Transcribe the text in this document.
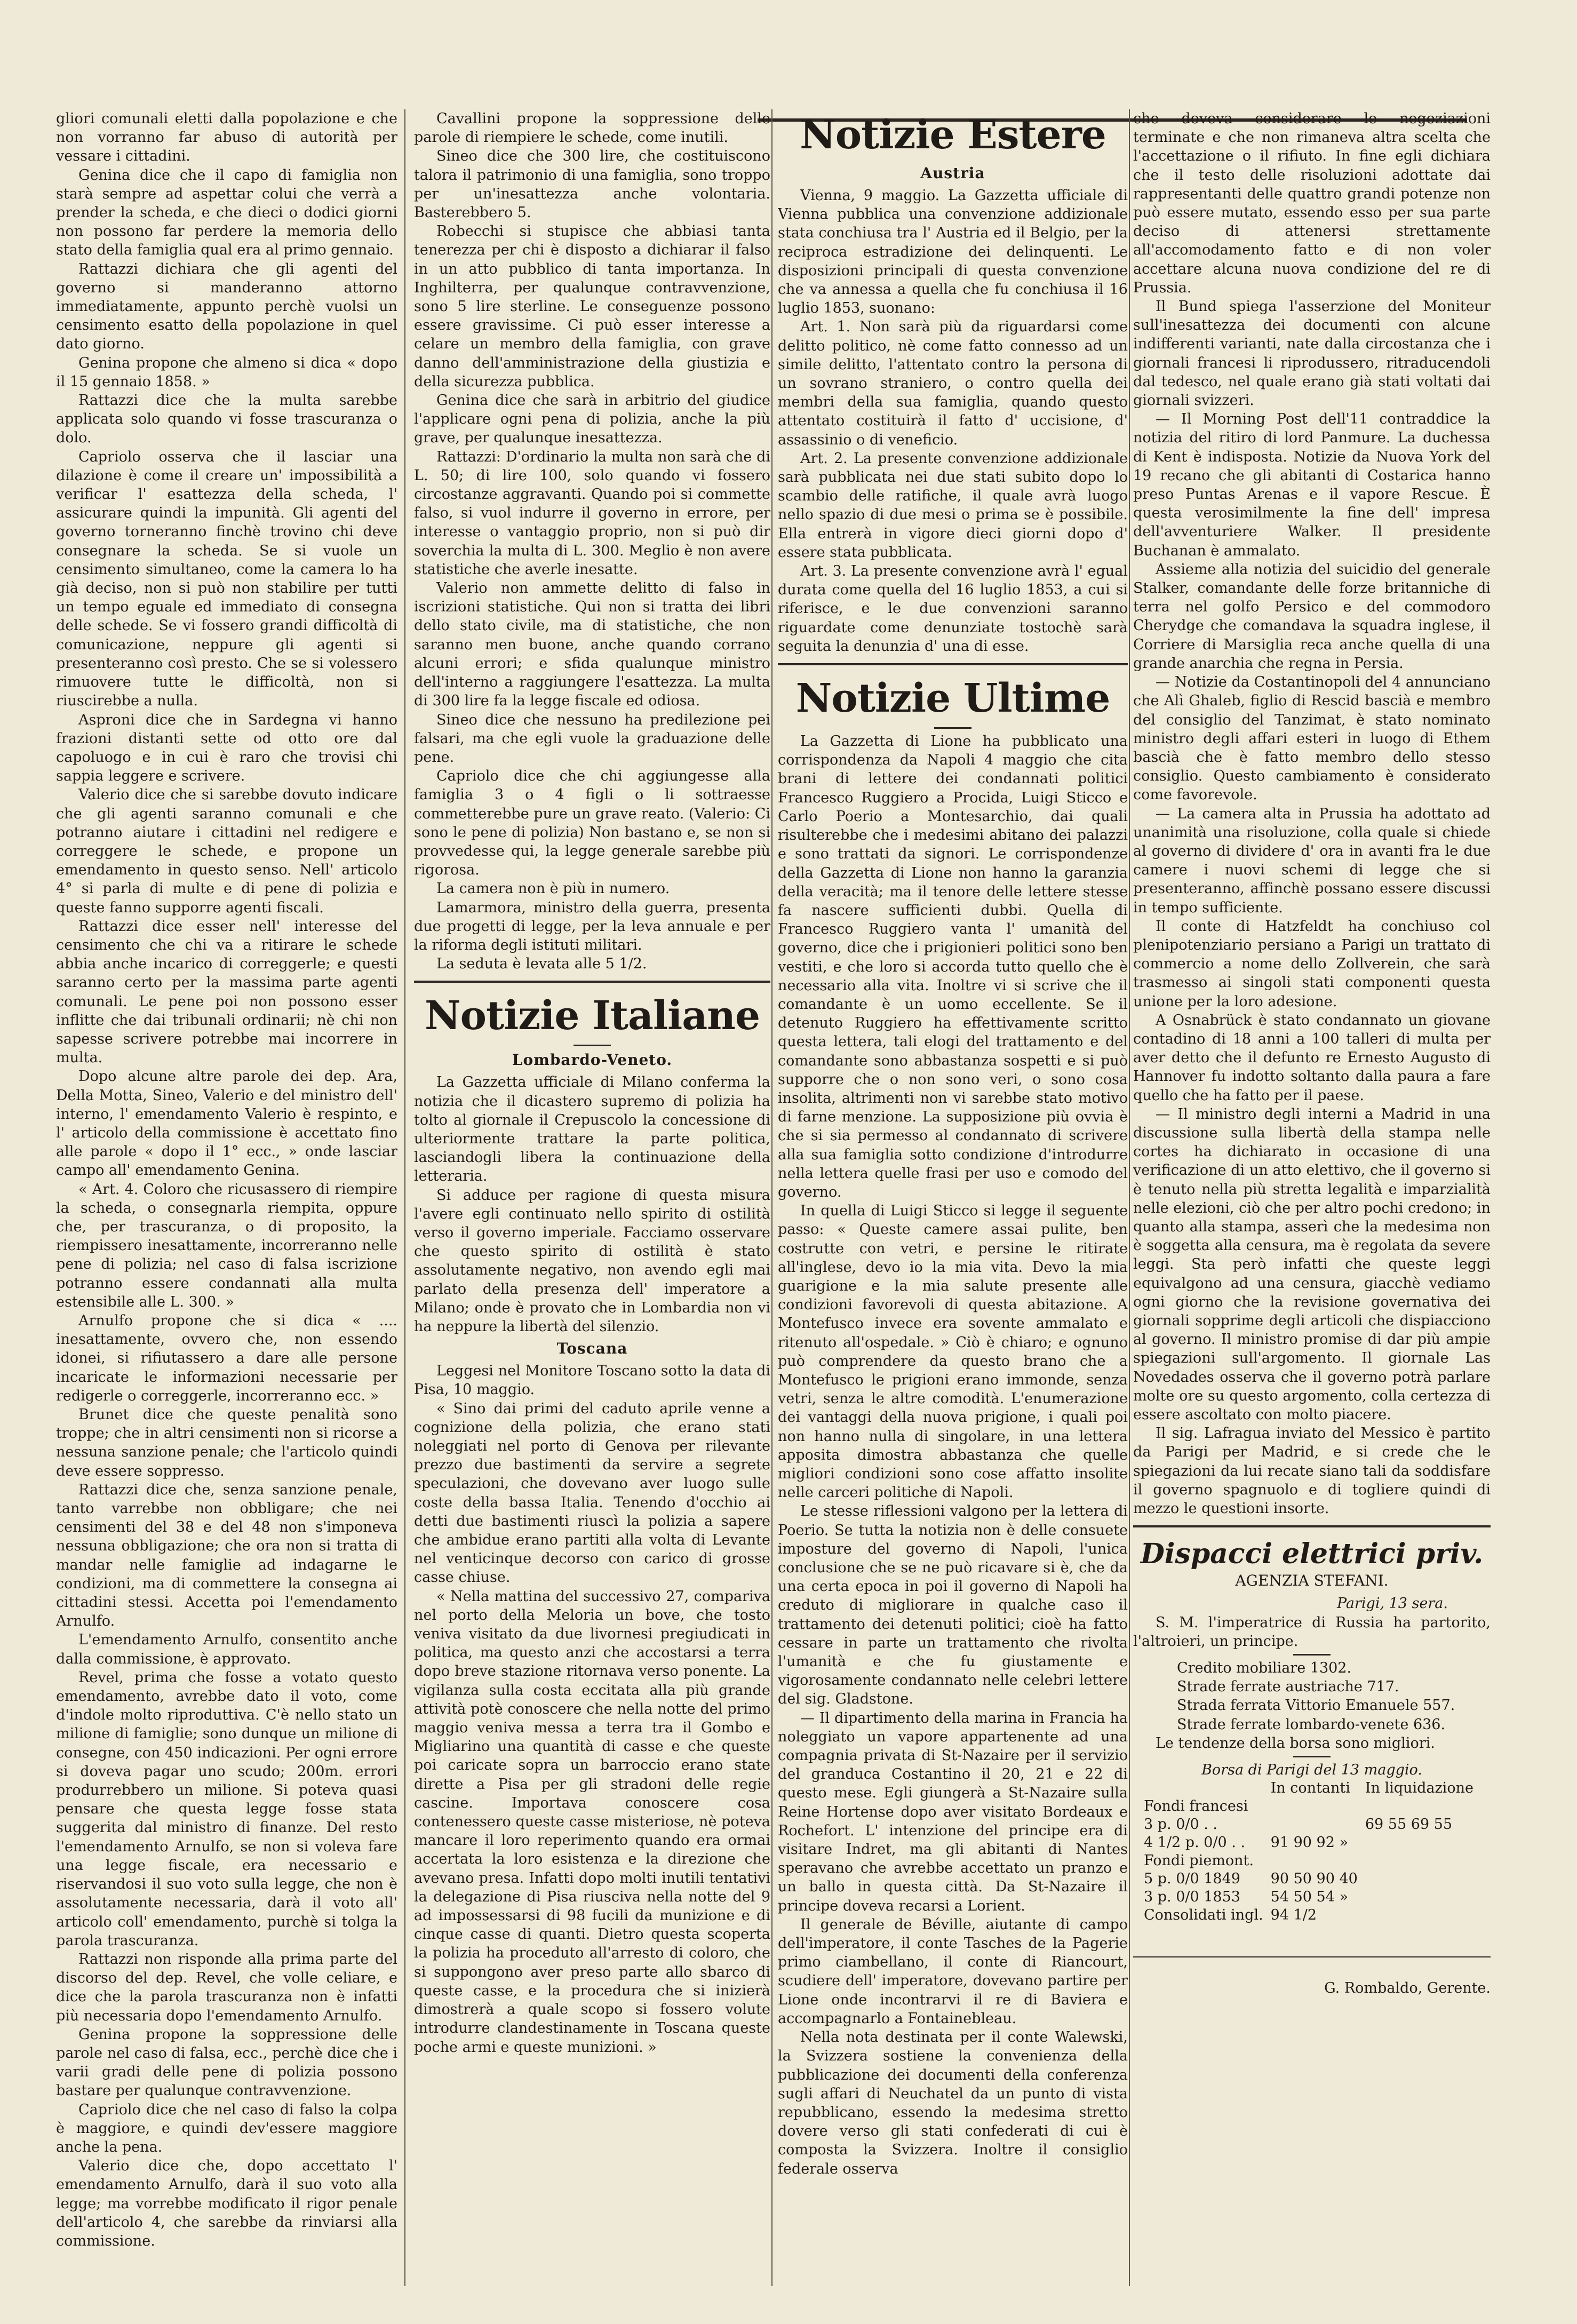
gliori comunali eletti dalla popolazione e che non vorranno far abuso di autorità per vessare i cittadini.

Genina dice che il capo di famiglia non starà sempre ad aspettar colui che verrà a prender la scheda, e che dieci o dodici giorni non possono far perdere la memoria dello stato della famiglia qual era al primo gennaio.

Rattazzi dichiara che gli agenti del governo si manderanno attorno immediatamente, appunto perchè vuolsi un censimento esatto della popolazione in quel dato giorno.

Genina propone che almeno si dica « dopo il 15 gennaio 1858. »

Rattazzi dice che la multa sarebbe applicata solo quando vi fosse trascuranza o dolo.

Capriolo osserva che il lasciar una dilazione è come il creare un' impossibilità a verificar l' esattezza della scheda, l' assicurare quindi la impunità. Gli agenti del governo torneranno finchè trovino chi deve consegnare la scheda. Se si vuole un censimento simultaneo, come la camera lo ha già deciso, non si può non stabilire per tutti un tempo eguale ed immediato di consegna delle schede. Se vi fossero grandi difficoltà di comunicazione, neppure gli agenti si presenteranno così presto. Che se si volessero rimuovere tutte le difficoltà, non si riuscirebbe a nulla.

Asproni dice che in Sardegna vi hanno frazioni distanti sette od otto ore dal capoluogo e in cui è raro che trovisi chi sappia leggere e scrivere.

Valerio dice che si sarebbe dovuto indicare che gli agenti saranno comunali e che potranno aiutare i cittadini nel redigere e correggere le schede, e propone un emendamento in questo senso. Nell' articolo 4° si parla di multe e di pene di polizia e queste fanno supporre agenti fiscali.

Rattazzi dice esser nell' interesse del censimento che chi va a ritirare le schede abbia anche incarico di correggerle; e questi saranno certo per la massima parte agenti comunali. Le pene poi non possono esser inflitte che dai tribunali ordinarii; nè chi non sapesse scrivere potrebbe mai incorrere in multa.

Dopo alcune altre parole dei dep. Ara, Della Motta, Sineo, Valerio e del ministro dell' interno, l' emendamento Valerio è respinto, e l' articolo della commissione è accettato fino alle parole « dopo il 1° ecc., » onde lasciar campo all' emendamento Genina.

« Art. 4. Coloro che ricusassero di riempire la scheda, o consegnarla riempita, oppure che, per trascuranza, o di proposito, la riempissero inesattamente, incorreranno nelle pene di polizia; nel caso di falsa iscrizione potranno essere condannati alla multa estensibile alle L. 300. »

Arnulfo propone che si dica « .... inesattamente, ovvero che, non essendo idonei, si rifiutassero a dare alle persone incaricate le informazioni necessarie per redigerle o correggerle, incorreranno ecc. »

Brunet dice che queste penalità sono troppe; che in altri censimenti non si ricorse a nessuna sanzione penale; che l'articolo quindi deve essere soppresso.

Rattazzi dice che, senza sanzione penale, tanto varrebbe non obbligare; che nei censimenti del 38 e del 48 non s'imponeva nessuna obbligazione; che ora non si tratta di mandar nelle famiglie ad indagarne le condizioni, ma di commettere la consegna ai cittadini stessi. Accetta poi l'emendamento Arnulfo.

L'emendamento Arnulfo, consentito anche dalla commissione, è approvato.

Revel, prima che fosse a votato questo emendamento, avrebbe dato il voto, come d'indole molto riproduttiva. C'è nello stato un milione di famiglie; sono dunque un milione di consegne, con 450 indicazioni. Per ogni errore si doveva pagar uno scudo; 200m. errori produrrebbero un milione. Si poteva quasi pensare che questa legge fosse stata suggerita dal ministro di finanze. Del resto l'emendamento Arnulfo, se non si voleva fare una legge fiscale, era necessario e riservandosi il suo voto sulla legge, che non è assolutamente necessaria, darà il voto all' articolo coll' emendamento, purchè si tolga la parola trascuranza.

Rattazzi non risponde alla prima parte del discorso del dep. Revel, che volle celiare, e dice che la parola trascuranza non è infatti più necessaria dopo l'emendamento Arnulfo.

Genina propone la soppressione delle parole nel caso di falsa, ecc., perchè dice che i varii gradi delle pene di polizia possono bastare per qualunque contravvenzione.

Capriolo dice che nel caso di falso la colpa è maggiore, e quindi dev'essere maggiore anche la pena.

Valerio dice che, dopo accettato l' emendamento Arnulfo, darà il suo voto alla legge; ma vorrebbe modificato il rigor penale dell'articolo 4, che sarebbe da rinviarsi alla commissione.

Cavallini propone la soppressione delle parole di riempiere le schede, come inutili.

Sineo dice che 300 lire, che costituiscono talora il patrimonio di una famiglia, sono troppo per un'inesattezza anche volontaria. Basterebbero 5.

Robecchi si stupisce che abbiasi tanta tenerezza per chi è disposto a dichiarar il falso in un atto pubblico di tanta importanza. In Inghilterra, per qualunque contravvenzione, sono 5 lire sterline. Le conseguenze possono essere gravissime. Ci può esser interesse a celare un membro della famiglia, con grave danno dell'amministrazione della giustizia e della sicurezza pubblica.

Genina dice che sarà in arbitrio del giudice l'applicare ogni pena di polizia, anche la più grave, per qualunque inesattezza.

Rattazzi: D'ordinario la multa non sarà che di L. 50; di lire 100, solo quando vi fossero circostanze aggravanti. Quando poi si commette falso, si vuol indurre il governo in errore, per interesse o vantaggio proprio, non si può dir soverchia la multa di L. 300. Meglio è non avere statistiche che averle inesatte.

Valerio non ammette delitto di falso in iscrizioni statistiche. Qui non si tratta dei libri dello stato civile, ma di statistiche, che non saranno men buone, anche quando corrano alcuni errori; e sfida qualunque ministro dell'interno a raggiungere l'esattezza. La multa di 300 lire fa la legge fiscale ed odiosa.

Sineo dice che nessuno ha predilezione pei falsari, ma che egli vuole la graduazione delle pene.

Capriolo dice che chi aggiungesse alla famiglia 3 o 4 figli o li sottraesse commetterebbe pure un grave reato. (Valerio: Ci sono le pene di polizia) Non bastano e, se non si provvedesse qui, la legge generale sarebbe più rigorosa.

La camera non è più in numero.

Lamarmora, ministro della guerra, presenta due progetti di legge, per la leva annuale e per la riforma degli istituti militari.

La seduta è levata alle 5 1/2.

Notizie Italiane
Lombardo-Veneto.

La Gazzetta ufficiale di Milano conferma la notizia che il dicastero supremo di polizia ha tolto al giornale il Crepuscolo la concessione di ulteriormente trattare la parte politica, lasciandogli libera la continuazione della letteraria.

Si adduce per ragione di questa misura l'avere egli continuato nello spirito di ostilità verso il governo imperiale. Facciamo osservare che questo spirito di ostilità è stato assolutamente negativo, non avendo egli mai parlato della presenza dell' imperatore a Milano; onde è provato che in Lombardia non vi ha neppure la libertà del silenzio.

Toscana

Leggesi nel Monitore Toscano sotto la data di Pisa, 10 maggio.

« Sino dai primi del caduto aprile venne a cognizione della polizia, che erano stati noleggiati nel porto di Genova per rilevante prezzo due bastimenti da servire a segrete speculazioni, che dovevano aver luogo sulle coste della bassa Italia. Tenendo d'occhio ai detti due bastimenti riuscì la polizia a sapere che ambidue erano partiti alla volta di Levante nel venticinque decorso con carico di grosse casse chiuse.

« Nella mattina del successivo 27, compariva nel porto della Meloria un bove, che tosto veniva visitato da due livornesi pregiudicati in politica, ma questo anzi che accostarsi a terra dopo breve stazione ritornava verso ponente. La vigilanza sulla costa eccitata alla più grande attività potè conoscere che nella notte del primo maggio veniva messa a terra tra il Gombo e Migliarino una quantità di casse e che queste poi caricate sopra un barroccio erano state dirette a Pisa per gli stradoni delle regie cascine. Importava conoscere cosa contenessero queste casse misteriose, nè poteva mancare il loro reperimento quando era ormai accertata la loro esistenza e la direzione che avevano presa. Infatti dopo molti inutili tentativi la delegazione di Pisa riusciva nella notte del 9 ad impossessarsi di 98 fucili da munizione e di cinque casse di quanti. Dietro questa scoperta la polizia ha proceduto all'arresto di coloro, che si suppongono aver preso parte allo sbarco di queste casse, e la procedura che si inizierà dimostrerà a quale scopo si fossero volute introdurre clandestinamente in Toscana queste poche armi e queste munizioni. »

Notizie Estere
Austria

Vienna, 9 maggio. La Gazzetta ufficiale di Vienna pubblica una convenzione addizionale stata conchiusa tra l' Austria ed il Belgio, per la reciproca estradizione dei delinquenti. Le disposizioni principali di questa convenzione che va annessa a quella che fu conchiusa il 16 luglio 1853, suonano:

Art. 1. Non sarà più da riguardarsi come delitto politico, nè come fatto connesso ad un simile delitto, l'attentato contro la persona di un sovrano straniero, o contro quella dei membri della sua famiglia, quando questo attentato costituirà il fatto d' uccisione, d' assassinio o di veneficio.

Art. 2. La presente convenzione addizionale sarà pubblicata nei due stati subito dopo lo scambio delle ratifiche, il quale avrà luogo nello spazio di due mesi o prima se è possibile. Ella entrerà in vigore dieci giorni dopo d' essere stata pubblicata.

Art. 3. La presente convenzione avrà l' egual durata come quella del 16 luglio 1853, a cui si riferisce, e le due convenzioni saranno riguardate come denunziate tostochè sarà seguita la denunzia d' una di esse.

Notizie Ultime

La Gazzetta di Lione ha pubblicato una corrispondenza da Napoli 4 maggio che cita brani di lettere dei condannati politici Francesco Ruggiero a Procida, Luigi Sticco e Carlo Poerio a Montesarchio, dai quali risulterebbe che i medesimi abitano dei palazzi e sono trattati da signori. Le corrispondenze della Gazzetta di Lione non hanno la garanzia della veracità; ma il tenore delle lettere stesse fa nascere sufficienti dubbi. Quella di Francesco Ruggiero vanta l' umanità del governo, dice che i prigionieri politici sono ben vestiti, e che loro si accorda tutto quello che è necessario alla vita. Inoltre vi si scrive che il comandante è un uomo eccellente. Se il detenuto Ruggiero ha effettivamente scritto questa lettera, tali elogi del trattamento e del comandante sono abbastanza sospetti e si può supporre che o non sono veri, o sono cosa insolita, altrimenti non vi sarebbe stato motivo di farne menzione. La supposizione più ovvia è che si sia permesso al condannato di scrivere alla sua famiglia sotto condizione d'introdurre nella lettera quelle frasi per uso e comodo del governo.

In quella di Luigi Sticco si legge il seguente passo: « Queste camere assai pulite, ben costrutte con vetri, e persine le ritirate all'inglese, devo io la mia vita. Devo la mia guarigione e la mia salute presente alle condizioni favorevoli di questa abitazione. A Montefusco invece era sovente ammalato e ritenuto all'ospedale. » Ciò è chiaro; e ognuno può comprendere da questo brano che a Montefusco le prigioni erano immonde, senza vetri, senza le altre comodità. L'enumerazione dei vantaggi della nuova prigione, i quali poi non hanno nulla di singolare, in una lettera apposita dimostra abbastanza che quelle migliori condizioni sono cose affatto insolite nelle carceri politiche di Napoli.

Le stesse riflessioni valgono per la lettera di Poerio. Se tutta la notizia non è delle consuete imposture del governo di Napoli, l'unica conclusione che se ne può ricavare si è, che da una certa epoca in poi il governo di Napoli ha creduto di migliorare in qualche caso il trattamento dei detenuti politici; cioè ha fatto cessare in parte un trattamento che rivolta l'umanità e che fu giustamente e vigorosamente condannato nelle celebri lettere del sig. Gladstone.

— Il dipartimento della marina in Francia ha noleggiato un vapore appartenente ad una compagnia privata di St-Nazaire per il servizio del granduca Costantino il 20, 21 e 22 di questo mese. Egli giungerà a St-Nazaire sulla Reine Hortense dopo aver visitato Bordeaux e Rochefort. L' intenzione del principe era di visitare Indret, ma gli abitanti di Nantes speravano che avrebbe accettato un pranzo e un ballo in questa città. Da St-Nazaire il principe doveva recarsi a Lorient.

Il generale de Béville, aiutante di campo dell'imperatore, il conte Tasches de la Pagerie primo ciambellano, il conte di Riancourt, scudiere dell' imperatore, dovevano partire per Lione onde incontrarvi il re di Baviera e accompagnarlo a Fontainebleau.

Nella nota destinata per il conte Walewski, la Svizzera sostiene la convenienza della pubblicazione dei documenti della conferenza sugli affari di Neuchatel da un punto di vista repubblicano, essendo la medesima stretto dovere verso gli stati confederati di cui è composta la Svizzera. Inoltre il consiglio federale osserva

che doveva considerare le negoziazioni terminate e che non rimaneva altra scelta che l'accettazione o il rifiuto. In fine egli dichiara che il testo delle risoluzioni adottate dai rappresentanti delle quattro grandi potenze non può essere mutato, essendo esso per sua parte deciso di attenersi strettamente all'accomodamento fatto e di non voler accettare alcuna nuova condizione del re di Prussia.

Il Bund spiega l'asserzione del Moniteur sull'inesattezza dei documenti con alcune indifferenti varianti, nate dalla circostanza che i giornali francesi li riprodussero, ritraducendoli dal tedesco, nel quale erano già stati voltati dai giornali svizzeri.

— Il Morning Post dell'11 contraddice la notizia del ritiro di lord Panmure. La duchessa di Kent è indisposta. Notizie da Nuova York del 19 recano che gli abitanti di Costarica hanno preso Puntas Arenas e il vapore Rescue. È questa verosimilmente la fine dell' impresa dell'avventuriere Walker. Il presidente Buchanan è ammalato.

Assieme alla notizia del suicidio del generale Stalker, comandante delle forze britanniche di terra nel golfo Persico e del commodoro Cherydge che comandava la squadra inglese, il Corriere di Marsiglia reca anche quella di una grande anarchia che regna in Persia.

— Notizie da Costantinopoli del 4 annunciano che Alì Ghaleb, figlio di Rescid bascià e membro del consiglio del Tanzimat, è stato nominato ministro degli affari esteri in luogo di Ethem bascià che è fatto membro dello stesso consiglio. Questo cambiamento è considerato come favorevole.

— La camera alta in Prussia ha adottato ad unanimità una risoluzione, colla quale si chiede al governo di dividere d' ora in avanti fra le due camere i nuovi schemi di legge che si presenteranno, affinchè possano essere discussi in tempo sufficiente.

Il conte di Hatzfeldt ha conchiuso col plenipotenziario persiano a Parigi un trattato di commercio a nome dello Zollverein, che sarà trasmesso ai singoli stati componenti questa unione per la loro adesione.

A Osnabrück è stato condannato un giovane contadino di 18 anni a 100 talleri di multa per aver detto che il defunto re Ernesto Augusto di Hannover fu indotto soltanto dalla paura a fare quello che ha fatto per il paese.

— Il ministro degli interni a Madrid in una discussione sulla libertà della stampa nelle cortes ha dichiarato in occasione di una verificazione di un atto elettivo, che il governo si è tenuto nella più stretta legalità e imparzialità nelle elezioni, ciò che per altro pochi credono; in quanto alla stampa, asserì che la medesima non è soggetta alla censura, ma è regolata da severe leggi. Sta però infatti che queste leggi equivalgono ad una censura, giacchè vediamo ogni giorno che la revisione governativa dei giornali sopprime degli articoli che dispiacciono al governo. Il ministro promise di dar più ampie spiegazioni sull'argomento. Il giornale Las Novedades osserva che il governo potrà parlare molte ore su questo argomento, colla certezza di essere ascoltato con molto piacere.

Il sig. Lafragua inviato del Messico è partito da Parigi per Madrid, e si crede che le spiegazioni da lui recate siano tali da soddisfare il governo spagnuolo e di togliere quindi di mezzo le questioni insorte.

Dispacci elettrici priv.
AGENZIA STEFANI.

Parigi, 13 sera.

S. M. l'imperatrice di Russia ha partorito, l'altroieri, un principe.

Credito mobiliare 1302.

Strade ferrate austriache 717.

Strada ferrata Vittorio Emanuele 557.

Strade ferrate lombardo-venete 636.

Le tendenze della borsa sono migliori.

Borsa di Parigi del 13 maggio.

	In contanti	In liquidazione
Fondi francesi		
3 p. 0/0 . .		69 55 69 55
4 1/2 p. 0/0 . .	91 90 92 »	
Fondi piemont.		
5 p. 0/0 1849	90 50 90 40	
3 p. 0/0 1853	54 50 54 »	
Consolidati ingl.	94 1/2	
G. Rombaldo, Gerente.
